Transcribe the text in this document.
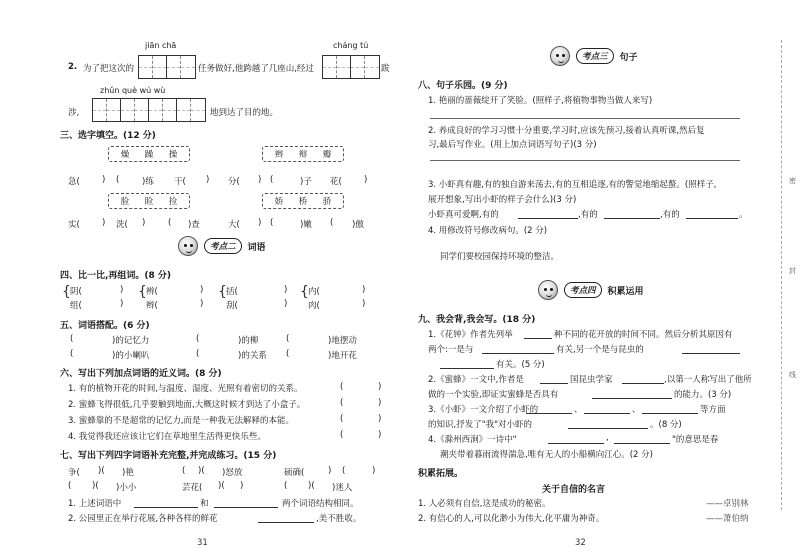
jiān chā	cháng tú
2. 为了把这次的	任务做好,他跨越了几座山,经过	跋
zhǔn què wú wù
涉,	地到达了目的地。
三、选字填空。(12 分)
燥 躁 操	辫 辩 瓣
急(	) (	)练 干( ) 分( ) (	)子 花(	)
脸 睑 捡	娇 桥 骄
实(	) 洗( )	( )查	大( ) (	)嫩 ( )傲
考点二	词语
四、比一比,再组词。(8 分)
{	{	{	{
阴(	)	辨(	)	括(	) 内(	)
组(	)	辫(	)	刮(	) 肉(	)
五、词语搭配。(6 分)
(	)的记忆力	(	)的柳	(	)地摆动
(	)的小喇叭	(	)的关系 (	)地开花
六、写出下列加点词语的近义词。(8 分)
1. 有的植物开花的时间,与温度、湿度、光照有着密切的关系。
2. 蜜蜂飞得很低,几乎要触到地面,大概这时候才到达了小盒子。
3. 蜜蜂靠的不是超常的记忆力,而是一种我无法解释的本能。
4. 我觉得我还应该让它们在草地里生活得更快乐些。
(	)
(	)
(	)
(	)
七、写出下列四字词语补充完整,并完成练习。(15 分)
争( )( )艳	( )( )怒放	硕确(	) (	)
( )( )小小	芸花( )( )	( )( )迷人
1. 上述词语中	和	两个词语结构相同。
2. 公园里正在举行花展,各种各样的鲜花	,美不胜收。
31
考点三	句子
八、句子乐园。(9 分)
1. 艳丽的蔷薇绽开了笑脸。(照样子,将植物事物当做人来写)
2. 养成良好的学习习惯十分重要,学习时,应该先预习,接着认真听课,然后复
习,最后写作业。(用上加点词语写句子)(3 分)
3. 小虾真有趣,有的独自游来荡去,有的互相追逐,有的警觉地缩起螯。(照样子,
展开想象,写出小虾的样子会什么)(3 分)
小虾真可爱啊,有的	,有的	,有的	。
4. 用修改符号修改病句。(2 分)
同学们要校园保持环境的整洁。
考点四	积累运用
九、我会背,我会写。(18 分)
1.《花钟》作者先列举	种不同的花开放的时间不同。然后分析其原因有
两个:一是与	有关,另一个是与昆虫的
有关。(5 分)
2.《蜜蜂》一文中,作者是	国昆虫学家	,以第一人称写出了他所
做的一个实验,即证实蜜蜂是否具有	的能力。(3 分)
3.《小虾》一文介绍了小虾的	、	、	等方面
的知识,抒发了"我"对小虾的	。(8 分)
4.《滁州西涧》一诗中"	,	"的意思是春
潮夹带着暮雨流得湍急,唯有无人的小船横向江心。(2 分)
积累拓展。
关于自信的名言
1. 人必须有自信,这是成功的秘密。	——卓别林
2. 有信心的人,可以化渺小为伟大,化平庸为神奇。	——萧伯纳
32
密
封
线
